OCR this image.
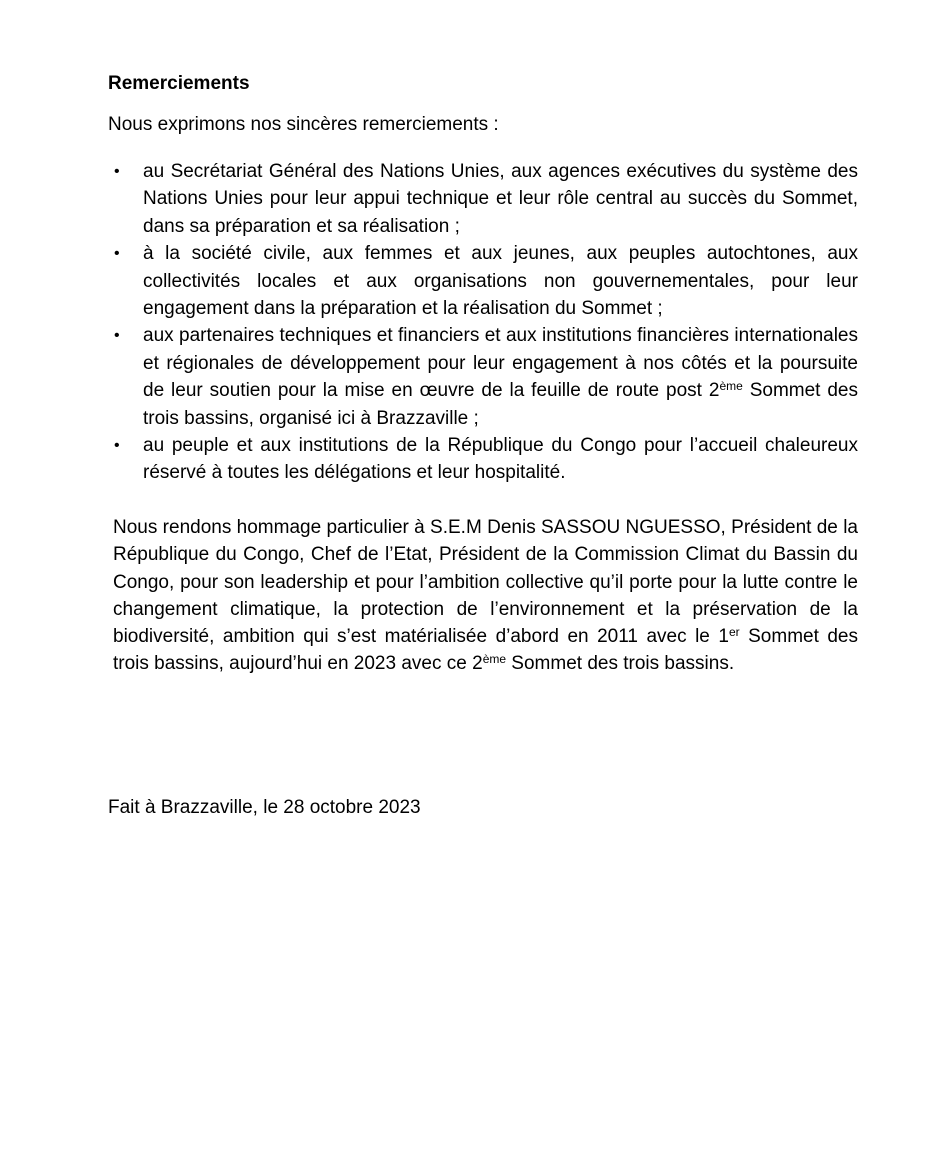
Remerciements

Nous exprimons nos sincères remerciements :

• au Secrétariat Général des Nations Unies, aux agences exécutives du système des Nations Unies pour leur appui technique et leur rôle central au succès du Sommet, dans sa préparation et sa réalisation ;
• à la société civile, aux femmes et aux jeunes, aux peuples autochtones, aux collectivités locales et aux organisations non gouvernementales, pour leur engagement dans la préparation et la réalisation du Sommet ;
• aux partenaires techniques et financiers et aux institutions financières internationales et régionales de développement pour leur engagement à nos côtés et la poursuite de leur soutien pour la mise en œuvre de la feuille de route post 2ème Sommet des trois bassins, organisé ici à Brazzaville ;
• au peuple et aux institutions de la République du Congo pour l’accueil chaleureux réservé à toutes les délégations et leur hospitalité.

Nous rendons hommage particulier à S.E.M Denis SASSOU NGUESSO, Président de la République du Congo, Chef de l’Etat, Président de la Commission Climat du Bassin du Congo, pour son leadership et pour l’ambition collective qu’il porte pour la lutte contre le changement climatique, la protection de l’environnement et la préservation de la biodiversité, ambition qui s’est matérialisée d’abord en 2011 avec le 1er Sommet des trois bassins, aujourd’hui en 2023 avec ce 2ème Sommet des trois bassins.

Fait à Brazzaville, le 28 octobre 2023
